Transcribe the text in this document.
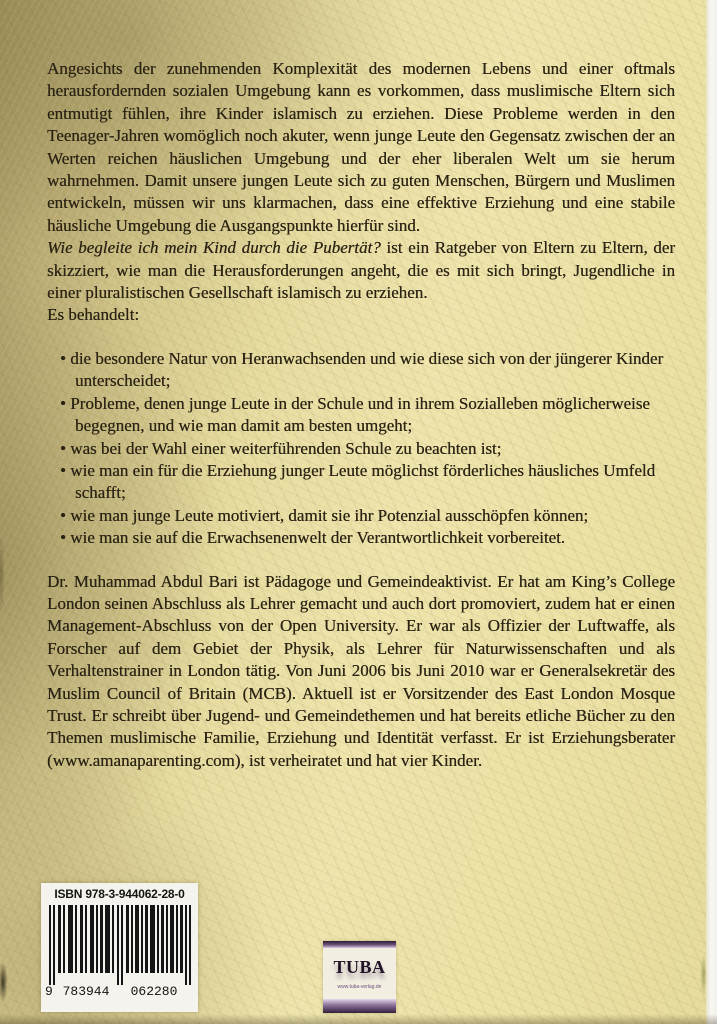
Angesichts der zunehmenden Komplexität des modernen Lebens und einer oftmals herausfordernden sozialen Umgebung kann es vorkommen, dass muslimische Eltern sich entmutigt fühlen, ihre Kinder islamisch zu erziehen. Diese Probleme werden in den Teenager-Jahren womöglich noch akuter, wenn junge Leute den Gegensatz zwischen der an Werten reichen häuslichen Umgebung und der eher liberalen Welt um sie herum wahrnehmen. Damit unsere jungen Leute sich zu guten Menschen, Bürgern und Muslimen entwickeln, müssen wir uns klarmachen, dass eine effektive Erziehung und eine stabile häusliche Umgebung die Ausgangspunkte hierfür sind.

Wie begleite ich mein Kind durch die Pubertät? ist ein Ratgeber von Eltern zu Eltern, der skizziert, wie man die Herausforderungen angeht, die es mit sich bringt, Jugendliche in einer pluralistischen Gesellschaft islamisch zu erziehen.

Es behandelt:

• die besondere Natur von Heranwachsenden und wie diese sich von der jüngerer Kinder unterscheidet;
• Probleme, denen junge Leute in der Schule und in ihrem Sozialleben möglicherweise begegnen, und wie man damit am besten umgeht;
• was bei der Wahl einer weiterführenden Schule zu beachten ist;
• wie man ein für die Erziehung junger Leute möglichst förderliches häusliches Umfeld schafft;
• wie man junge Leute motiviert, damit sie ihr Potenzial ausschöpfen können;
• wie man sie auf die Erwachsenenwelt der Verantwortlichkeit vorbereitet.

Dr. Muhammad Abdul Bari ist Pädagoge und Gemeindeaktivist. Er hat am King’s College London seinen Abschluss als Lehrer gemacht und auch dort promoviert, zudem hat er einen Management-Abschluss von der Open University. Er war als Offizier der Luftwaffe, als Forscher auf dem Gebiet der Physik, als Lehrer für Naturwissenschaften und als Verhaltenstrainer in London tätig. Von Juni 2006 bis Juni 2010 war er Generalsekretär des Muslim Council of Britain (MCB). Aktuell ist er Vorsitzender des East London Mosque Trust. Er schreibt über Jugend- und Gemeindethemen und hat bereits etliche Bücher zu den Themen muslimische Familie, Erziehung und Identität verfasst. Er ist Erziehungsberater (www.amanaparenting.com), ist verheiratet und hat vier Kinder.

ISBN 978-3-944062-28-0
9 783944 062280
TUBA
www.tuba-verlag.de
